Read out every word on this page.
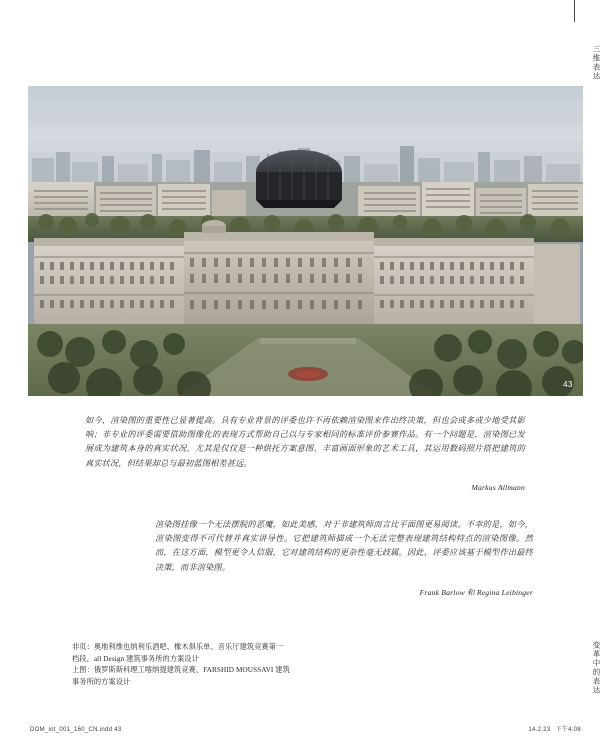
三维表达
变革中的表达
43
如今，渲染图的重要性已显著提高。具有专业背景的评委也许不再依赖渲染图来作出终决策，但也会或多或少地受其影响；非专业的评委需要借助图像化的表现方式帮助自己以与专家相同的标准评价参赛作品。有一个问题是，渲染图已发展成为建筑本身的真实状况，尤其是仅仅是一种烘托方案意图、丰富画面形象的艺术工具，其运用数码照片搭把建筑的真实状况，但结果却总与最初蓝图相差甚远。
Markus Allmann
渲染图挂像一个无法摆脱的恶魔，如此美感，对于非建筑师而言比平面图更易阅读。不幸的是，如今，渲染图变得不可代替并真实讲导性。它把建筑师描成一个无法完整表现建筑结构特点的渲染图像。然而，在这方面，模型更令人信服，它对建筑结构的更杂性毫无歧属。因此，评委应该基于模型作出最终决策，而非渲染图。
Frank Barlow 和 Regina Leibinger
非页：奥地利维也纳利乐酒吧、橡木俱乐单、音乐厅建筑竞赛第一
档段，all Design 建筑事务所的方案设计
上图：俄罗斯斯科理工喀纳提建筑竞赛，FARSHID MOUSSAVI 建筑
事务所的方案设计
DOM_int_001_160_CN.indd 43	14.2.23 下午4:08
